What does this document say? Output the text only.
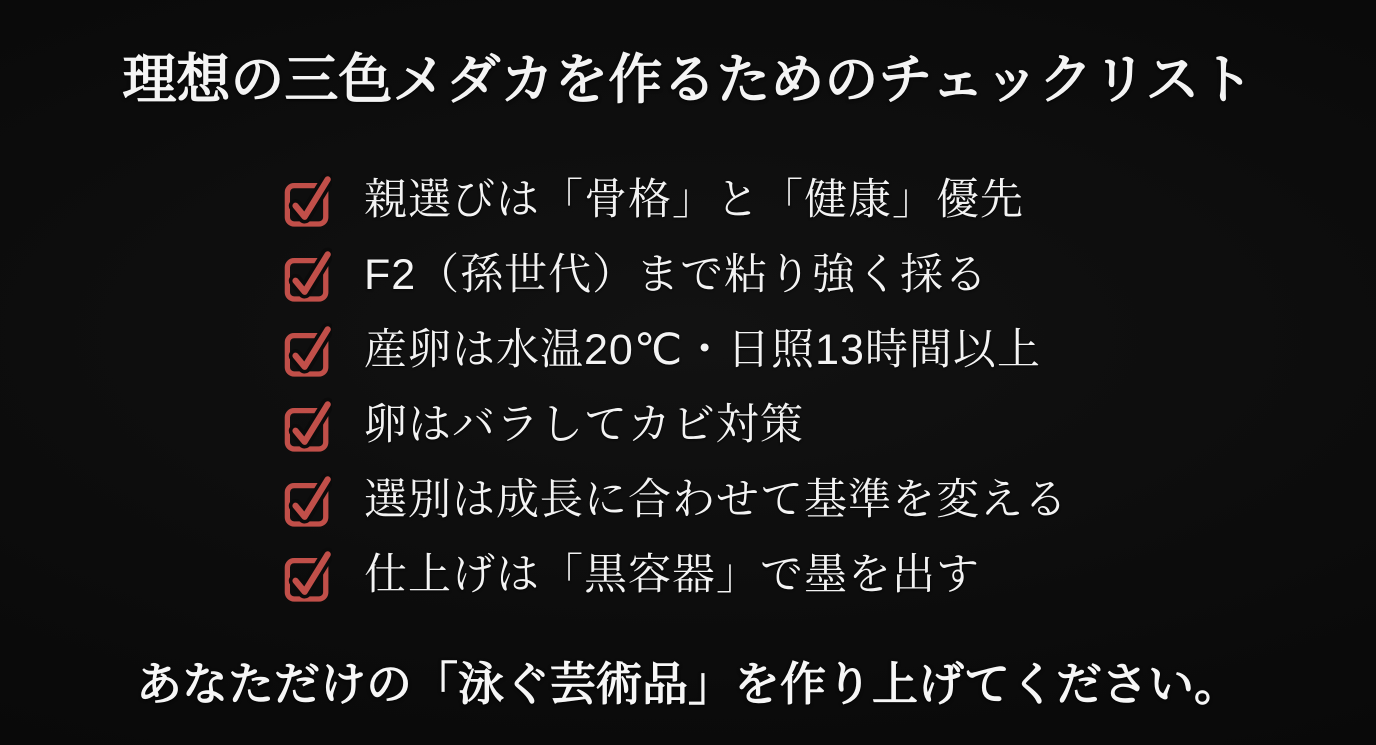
理想の三色メダカを作るためのチェックリスト
親選びは「骨格」と「健康」優先
F2（孫世代）まで粘り強く採る
産卵は水温20℃・日照13時間以上
卵はバラしてカビ対策
選別は成長に合わせて基準を変える
仕上げは「黒容器」で墨を出す

あなただけの「泳ぐ芸術品」を作り上げてください。
